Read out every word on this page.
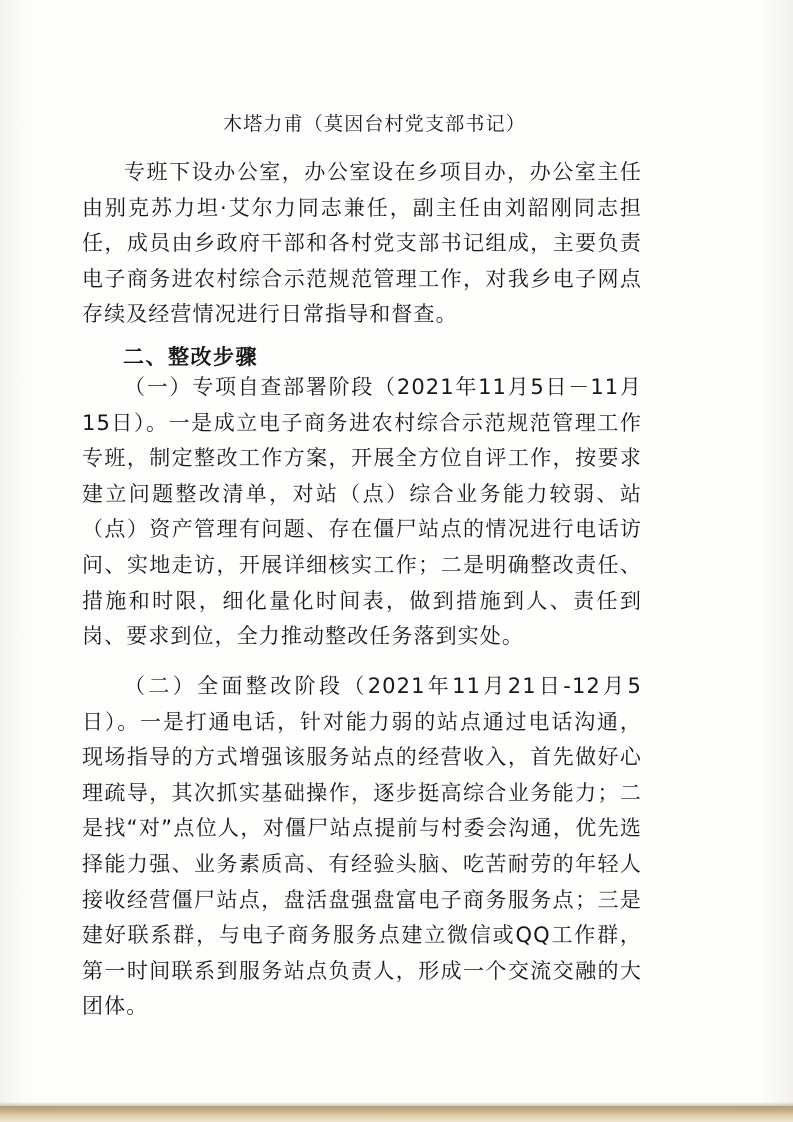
木塔力甫（莫因台村党支部书记）

专班下设办公室，办公室设在乡项目办，办公室主任由别克苏力坦·艾尔力同志兼任，副主任由刘韶刚同志担任，成员由乡政府干部和各村党支部书记组成，主要负责电子商务进农村综合示范规范管理工作，对我乡电子网点存续及经营情况进行日常指导和督查。

二、整改步骤

（一）专项自查部署阶段（2021年11月5日－11月15日）。一是成立电子商务进农村综合示范规范管理工作专班，制定整改工作方案，开展全方位自评工作，按要求建立问题整改清单，对站（点）综合业务能力较弱、站（点）资产管理有问题、存在僵尸站点的情况进行电话访问、实地走访，开展详细核实工作；二是明确整改责任、措施和时限，细化量化时间表，做到措施到人、责任到岗、要求到位，全力推动整改任务落到实处。

（二）全面整改阶段（2021年11月21日-12月5日）。一是打通电话，针对能力弱的站点通过电话沟通，现场指导的方式增强该服务站点的经营收入，首先做好心理疏导，其次抓实基础操作，逐步挺高综合业务能力；二是找“对”点位人，对僵尸站点提前与村委会沟通，优先选择能力强、业务素质高、有经验头脑、吃苦耐劳的年轻人接收经营僵尸站点，盘活盘强盘富电子商务服务点；三是建好联系群，与电子商务服务点建立微信或QQ工作群，第一时间联系到服务站点负责人，形成一个交流交融的大团体。
